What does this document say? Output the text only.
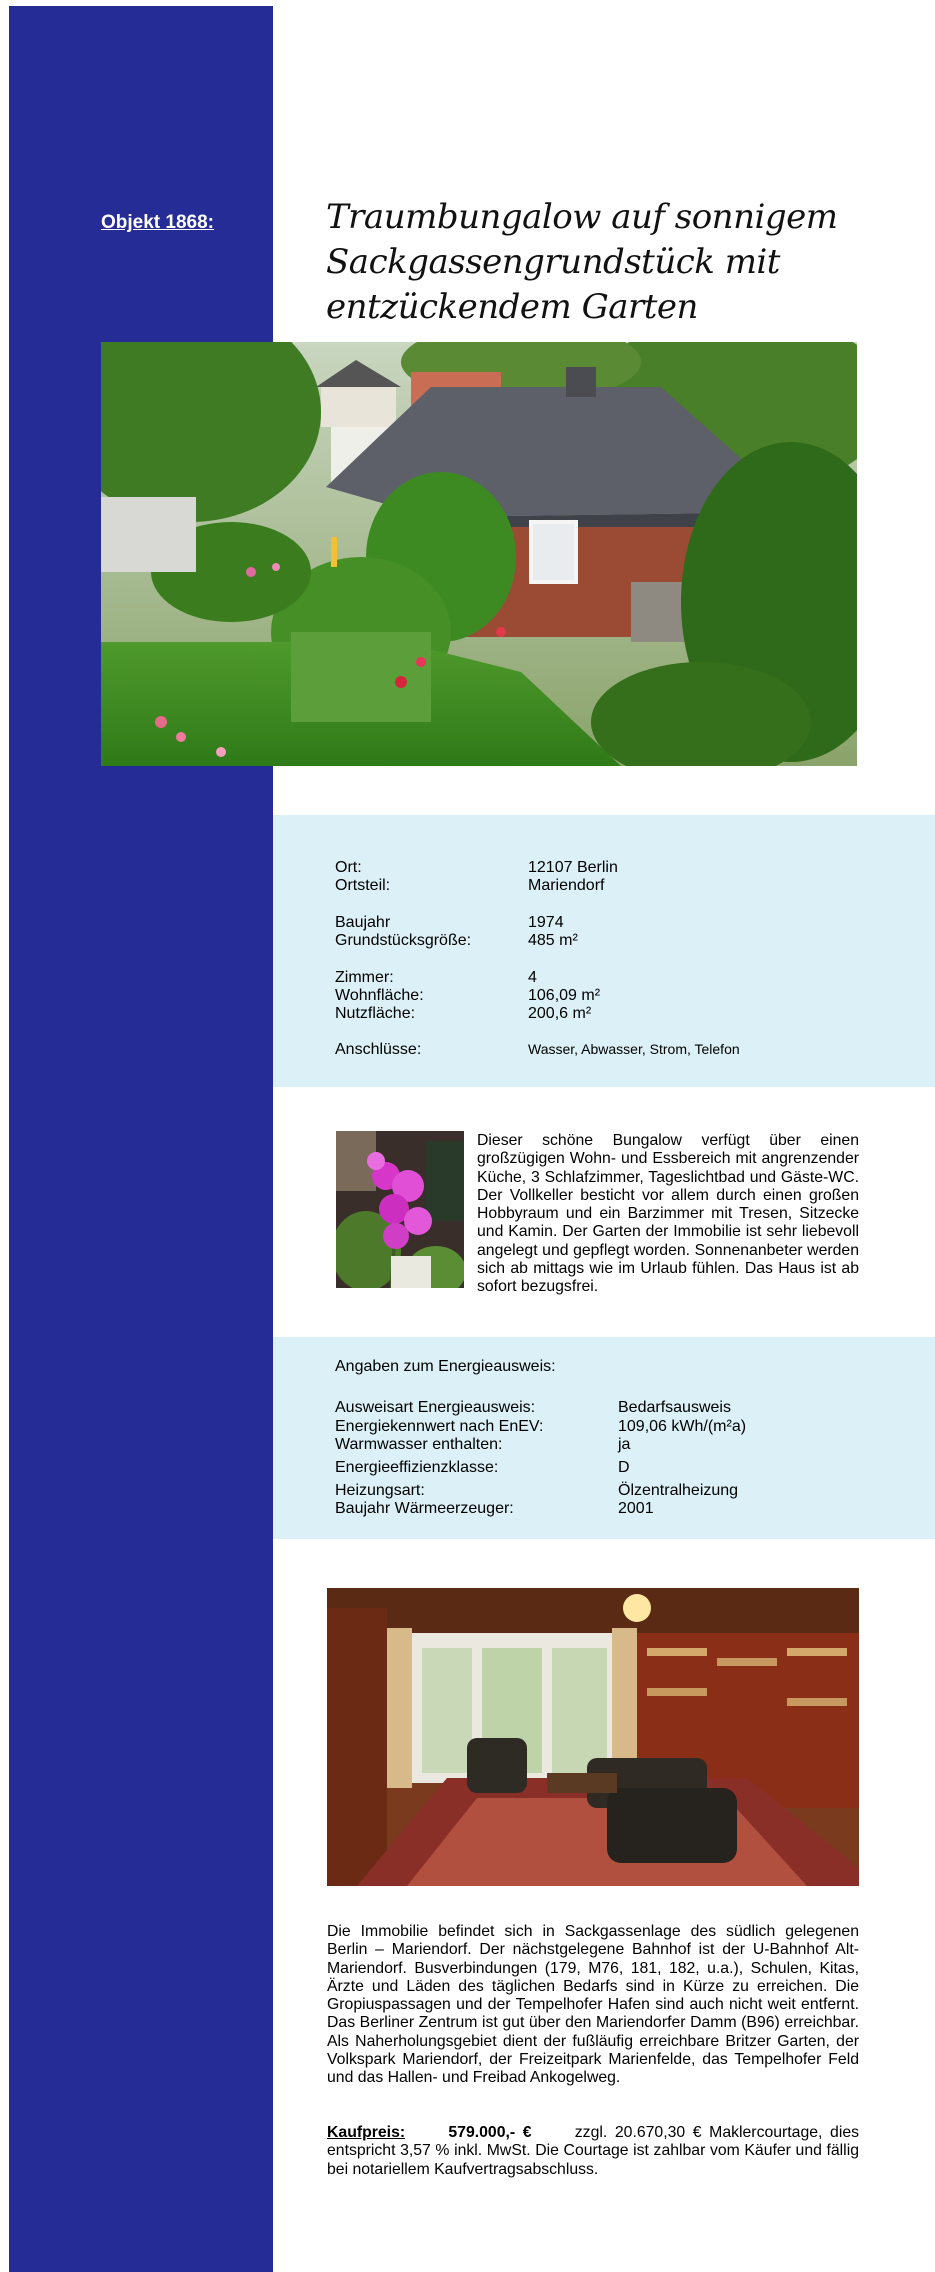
Objekt 1868:	Traumbungalow auf sonnigem
Sackgassengrundstück mit entzückendem Garten
Ort:	12107 Berlin
Ortsteil:	Mariendorf
Baujahr	1974
Grundstücksgröße:	485 m²
Zimmer:	4
Wohnfläche:	106,09 m²
Nutzfläche:	200,6 m²
Anschlüsse:	Wasser, Abwasser, Strom, Telefon
Dieser schöne Bungalow verfügt über einen großzügigen Wohn- und Essbereich mit angrenzender Küche, 3 Schlafzimmer, Tageslichtbad und Gäste-WC. Der Vollkeller besticht vor allem durch einen großen Hobbyraum und ein Barzimmer mit Tresen, Sitzecke und Kamin. Der Garten der Immobilie ist sehr liebevoll angelegt und gepflegt worden. Sonnenanbeter werden sich ab mittags wie im Urlaub fühlen. Das Haus ist ab sofort bezugsfrei.
Angaben zum Energieausweis:
Ausweisart Energieausweis:	Bedarfsausweis
Energiekennwert nach EnEV:	109,06 kWh/(m²a)
Warmwasser enthalten:	ja
Energieeffizienzklasse:	D
Heizungsart:	Ölzentralheizung
Baujahr Wärmeerzeuger:	2001
Die Immobilie befindet sich in Sackgassenlage des südlich gelegenen Berlin – Mariendorf. Der nächstgelegene Bahnhof ist der U-Bahnhof Alt-Mariendorf. Busverbindungen (179, M76, 181, 182, u.a.), Schulen, Kitas, Ärzte und Läden des täglichen Bedarfs sind in Kürze zu erreichen. Die Gropiuspassagen und der Tempelhofer Hafen sind auch nicht weit entfernt. Das Berliner Zentrum ist gut über den Mariendorfer Damm (B96) erreichbar. Als Naherholungsgebiet dient der fußläufig erreichbare Britzer Garten, der Volkspark Mariendorf, der Freizeitpark Marienfelde, das Tempelhofer Feld und das Hallen- und Freibad Ankogelweg.
Kaufpreis:	579.000,- €	zzgl. 20.670,30 € Maklercourtage, dies entspricht 3,57 % inkl. MwSt. Die Courtage ist zahlbar vom Käufer und fällig bei notariellem Kaufvertragsabschluss.
